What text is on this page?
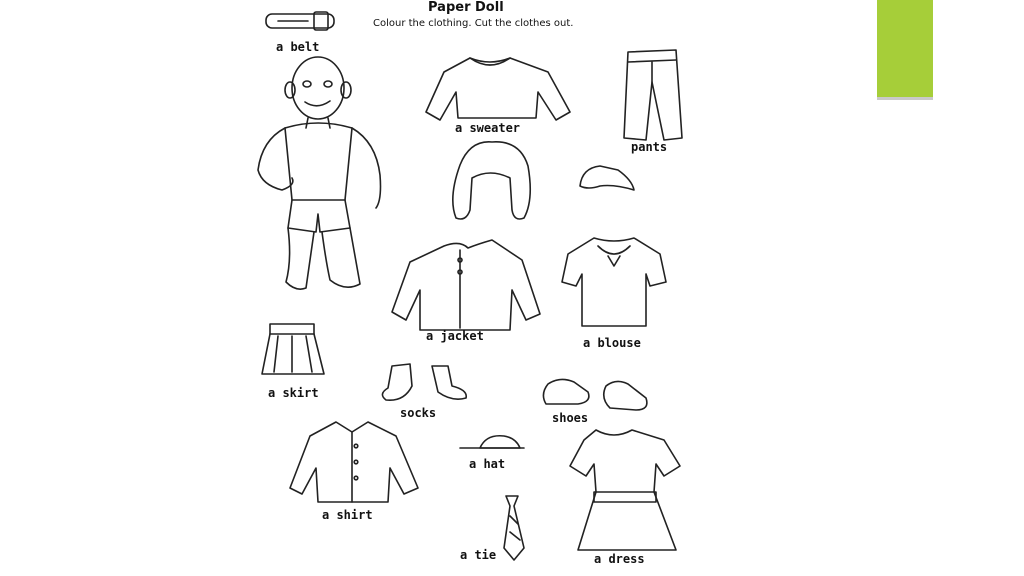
Paper Doll
Colour the clothing. Cut the clothes out.
a belt
a sweater
pants
a jacket	a blouse
a skirt
socks	shoes
a hat
a shirt
a tie	a dress
